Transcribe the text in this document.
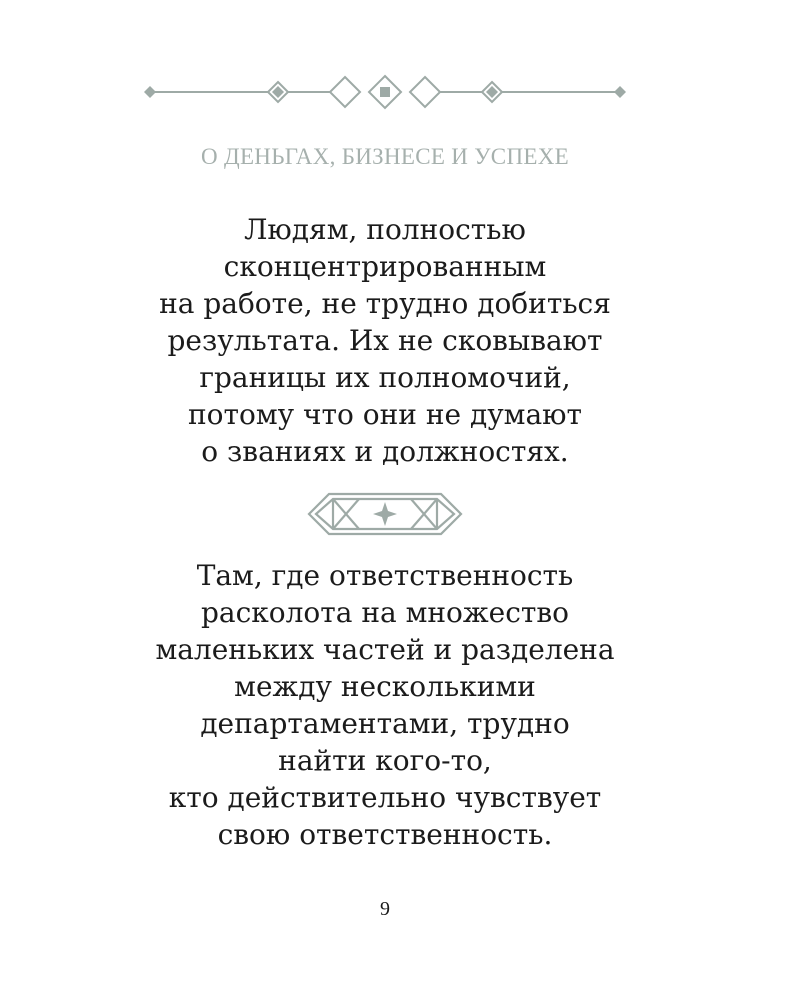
О ДЕНЬГАХ, БИЗНЕСЕ И УСПЕХЕ
Людям, полностью
сконцентрированным
на работе, не трудно добиться
результата. Их не сковывают
границы их полномочий,
потому что они не думают
о званиях и должностях.
Там, где ответственность
расколота на множество
маленьких частей и разделена
между несколькими
департаментами, трудно
найти кого-то,
кто действительно чувствует
свою ответственность.
9
